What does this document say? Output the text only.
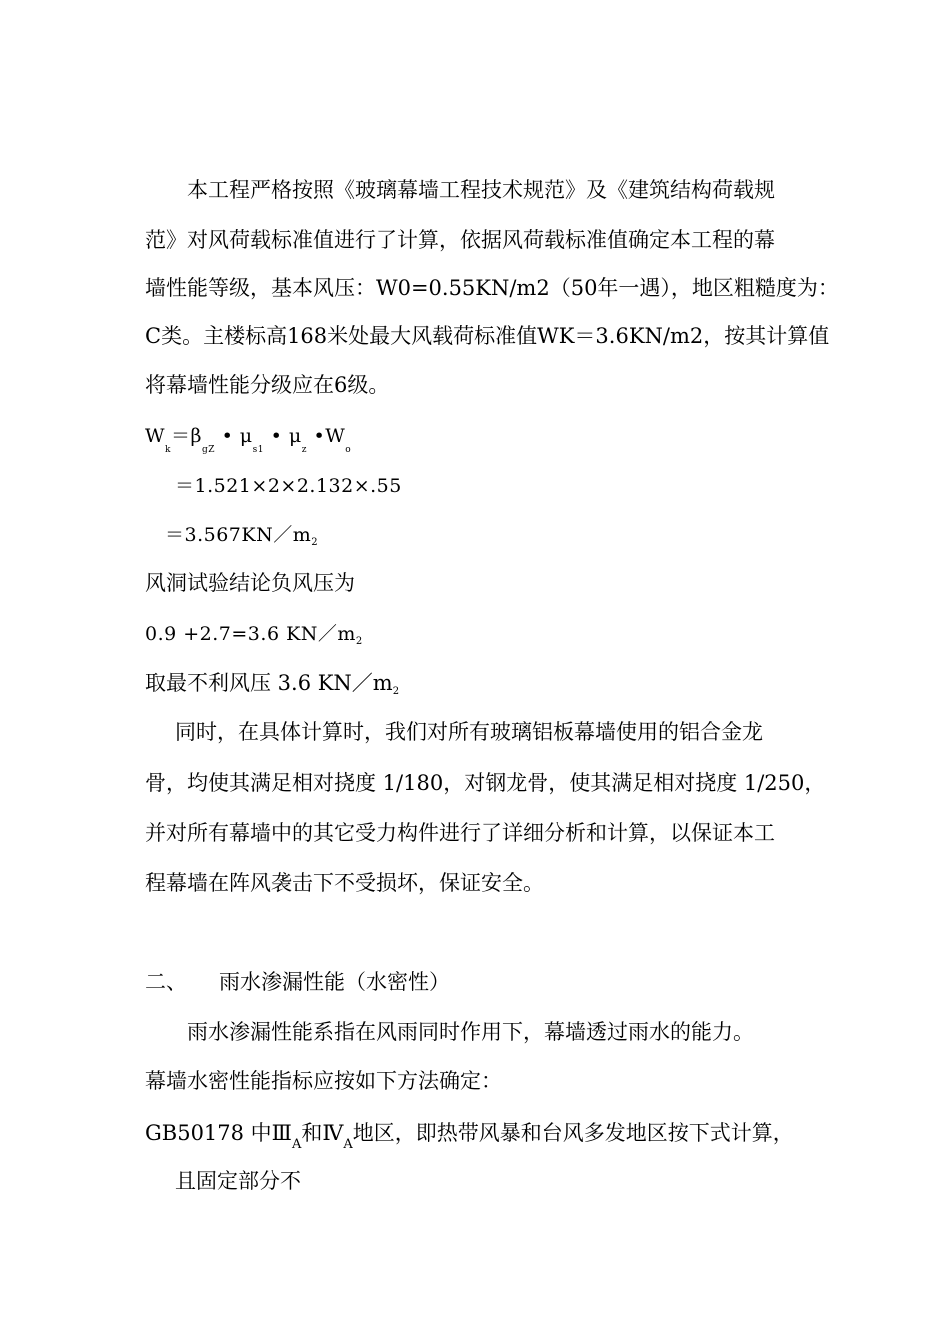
本工程严格按照《玻璃幕墙工程技术规范》及《建筑结构荷载规
范》对风荷载标准值进行了计算，依据风荷载标准值确定本工程的幕
墙性能等级，基本风压：W0=0.55KN/m2（50年一遇），地区粗糙度为：
C类。主楼标高168米处最大风载荷标准值WK＝3.6KN/m2，按其计算值
将幕墙性能分级应在6级。
$W_k=\beta_{gZ}$ • $\mu_{s1}$ • $\mu_z$ $•W_o$
＝1.521×2×2.132×.55
$=3.567KN/m_2$
风洞试验结论负风压为
0.9 +2.7=3.6 $KN/m_2$
取最不利风压 3.6 $KN/m_2$
同时，在具体计算时，我们对所有玻璃铝板幕墙使用的铝合金龙
骨，均使其满足相对挠度 1/180，对钢龙骨，使其满足相对挠度 1/250，
并对所有幕墙中的其它受力构件进行了详细分析和计算，以保证本工
程幕墙在阵风袭击下不受损坏，保证安全。
二、 雨水渗漏性能（水密性）
雨水渗漏性能系指在风雨同时作用下，幕墙透过雨水的能力。
幕墙水密性能指标应按如下方法确定：
GB50178 中$Ⅲ_A$和$Ⅳ_A$地区，即热带风暴和台风多发地区按下式计算，
且固定部分不
